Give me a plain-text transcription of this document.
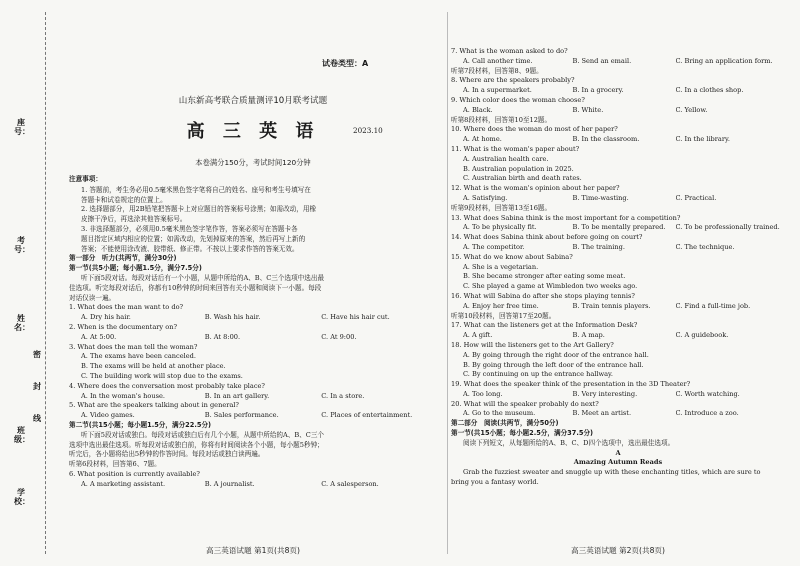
座号：
考号：
姓名：
班级：
学校：
密
封
线
试卷类型：A
山东新高考联合质量测评10月联考试题
高 三 英 语	2023.10
本卷满分150分，考试时间120分钟
注意事项：
1. 答题前，考生务必用0.5毫米黑色签字笔将自己的姓名、座号和考生号填写在
答题卡和试卷规定的位置上。
2. 选择题部分，用2B铅笔把答题卡上对应题目的答案标号涂黑；如需改动，用橡
皮擦干净后，再选涂其他答案标号。
3. 非选择题部分，必须用0.5毫米黑色签字笔作答，答案必须写在答题卡各
题目指定区域内相应的位置；如需改动，先划掉原来的答案，然后再写上新的
答案；不能使用涂改液、胶带纸、修正带。不按以上要求作答的答案无效。
第一部分　听力(共两节，满分30分)
第一节(共5小题；每小题1.5分，满分7.5分)
听下面5段对话。每段对话后有一个小题，从题中所给的A、B、C三个选项中选出最
佳选项。听完每段对话后，你都有10秒钟的时间来回答有关小题和阅读下一小题。每段
对话仅读一遍。
1. What does the man want to do?
A. Dry his hair.	B. Wash his hair.	C. Have his hair cut.
2. When is the documentary on?
A. At 5:00.	B. At 8:00.	C. At 9:00.
3. What does the man tell the woman?
A. The exams have been canceled.
B. The exams will be held at another place.
C. The building work will stop due to the exams.
4. Where does the conversation most probably take place?
A. In the woman's house.	B. In an art gallery.	C. In a store.
5. What are the speakers talking about in general?
A. Video games.	B. Sales performance.	C. Places of entertainment.
第二节(共15小题；每小题1.5分，满分22.5分)
听下面5段对话或独白。每段对话或独白后有几个小题，从题中所给的A、B、C三个
选项中选出最佳选项。听每段对话或独白前，你将有时间阅读各个小题，每小题5秒钟；
听完后，各小题将给出5秒钟的作答时间。每段对话或独白读两遍。
听第6段材料，回答第6、7题。
6. What position is currently available?
A. A marketing assistant.	B. A journalist.	C. A salesperson.
高三英语试题 第1页(共8页)
7. What is the woman asked to do?
A. Call another time.	B. Send an email.	C. Bring an application form.
听第7段材料，回答第8、9题。
8. Where are the speakers probably?
A. In a supermarket.	B. In a grocery.	C. In a clothes shop.
9. Which color does the woman choose?
A. Black.	B. White.	C. Yellow.
听第8段材料，回答第10至12题。
10. Where does the woman do most of her paper?
A. At home.	B. In the classroom.	C. In the library.
11. What is the woman's paper about?
A. Australian health care.
B. Australian population in 2025.
C. Australian birth and death rates.
12. What is the woman's opinion about her paper?
A. Satisfying.	B. Time-wasting.	C. Practical.
听第9段材料，回答第13至16题。
13. What does Sabina think is the most important for a competition?
A. To be physically fit.	B. To be mentally prepared.	C. To be professionally trained.
14. What does Sabina think about before going on court?
A. The competitor.	B. The training.	C. The technique.
15. What do we know about Sabina?
A. She is a vegetarian.
B. She became stronger after eating some meat.
C. She played a game at Wimbledon two weeks ago.
16. What will Sabina do after she stops playing tennis?
A. Enjoy her free time.	B. Train tennis players.	C. Find a full-time job.
听第10段材料，回答第17至20题。
17. What can the listeners get at the Information Desk?
A. A gift.	B. A map.	C. A guidebook.
18. How will the listeners get to the Art Gallery?
A. By going through the right door of the entrance hall.
B. By going through the left door of the entrance hall.
C. By continuing on up the entrance hallway.
19. What does the speaker think of the presentation in the 3D Theater?
A. Too long.	B. Very interesting.	C. Worth watching.
20. What will the speaker probably do next?
A. Go to the museum.	B. Meet an artist.	C. Introduce a zoo.
第二部分　阅读(共两节，满分50分)
第一节(共15小题；每小题2.5分，满分37.5分)
阅读下列短文，从每题所给的A、B、C、D四个选项中，选出最佳选项。
A
Amazing Autumn Reads
Grab the fuzziest sweater and snuggle up with these enchanting titles, which are sure to
bring you a fantasy world.
高三英语试题 第2页(共8页)
